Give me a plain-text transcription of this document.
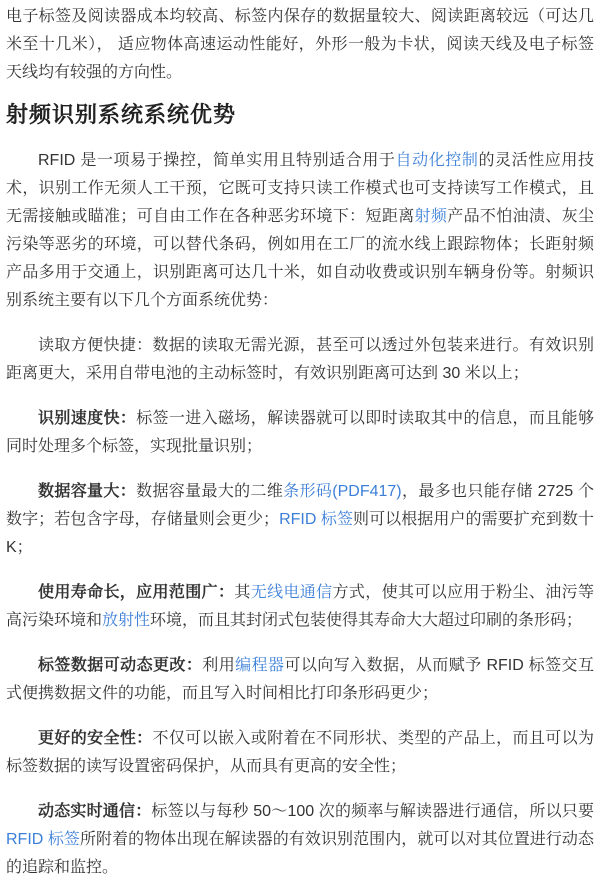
电子标签及阅读器成本均较高、标签内保存的数据量较大、阅读距离较远（可达几米至十几米）， 适应物体高速运动性能好，外形一般为卡状，阅读天线及电子标签天线均有较强的方向性。

射频识别系统系统优势

RFID 是一项易于操控，简单实用且特别适合用于自动化控制的灵活性应用技术，识别工作无须人工干预，它既可支持只读工作模式也可支持读写工作模式，且无需接触或瞄准；可自由工作在各种恶劣环境下：短距离射频产品不怕油渍、灰尘污染等恶劣的环境，可以替代条码，例如用在工厂的流水线上跟踪物体；长距射频产品多用于交通上，识别距离可达几十米，如自动收费或识别车辆身份等。射频识别系统主要有以下几个方面系统优势：

读取方便快捷：数据的读取无需光源，甚至可以透过外包装来进行。有效识别距离更大，采用自带电池的主动标签时，有效识别距离可达到 30 米以上；

识别速度快：标签一进入磁场，解读器就可以即时读取其中的信息，而且能够同时处理多个标签，实现批量识别；

数据容量大：数据容量最大的二维条形码(PDF417)，最多也只能存储 2725 个数字；若包含字母，存储量则会更少；RFID 标签则可以根据用户的需要扩充到数十 K；

使用寿命长，应用范围广：其无线电通信方式，使其可以应用于粉尘、油污等高污染环境和放射性环境，而且其封闭式包装使得其寿命大大超过印刷的条形码；

标签数据可动态更改：利用编程器可以向写入数据，从而赋予 RFID 标签交互式便携数据文件的功能，而且写入时间相比打印条形码更少；

更好的安全性：不仅可以嵌入或附着在不同形状、类型的产品上，而且可以为标签数据的读写设置密码保护，从而具有更高的安全性；

动态实时通信：标签以与每秒 50～100 次的频率与解读器进行通信，所以只要 RFID 标签所附着的物体出现在解读器的有效识别范围内，就可以对其位置进行动态的追踪和监控。
